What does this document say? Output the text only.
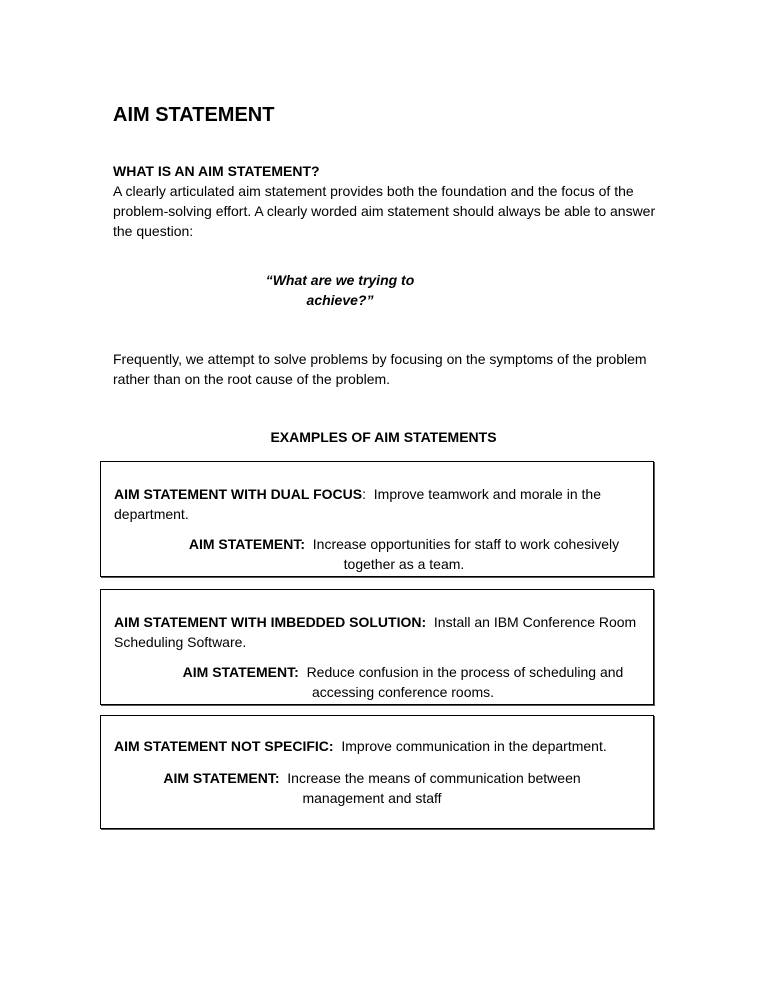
AIM STATEMENT
WHAT IS AN AIM STATEMENT?

A clearly articulated aim statement provides both the foundation and the focus of the problem-solving effort. A clearly worded aim statement should always be able to answer the question:

“What are we trying to achieve?”

Frequently, we attempt to solve problems by focusing on the symptoms of the problem rather than on the root cause of the problem.

EXAMPLES OF AIM STATEMENTS
AIM STATEMENT WITH DUAL FOCUS:  Improve teamwork and morale in the department.
AIM STATEMENT:  Increase opportunities for staff to work cohesively together as a team.
AIM STATEMENT WITH IMBEDDED SOLUTION:  Install an IBM Conference Room Scheduling Software.
AIM STATEMENT:  Reduce confusion in the process of scheduling and accessing conference rooms.
AIM STATEMENT NOT SPECIFIC:  Improve communication in the department.
AIM STATEMENT:  Increase the means of communication between management and staff
